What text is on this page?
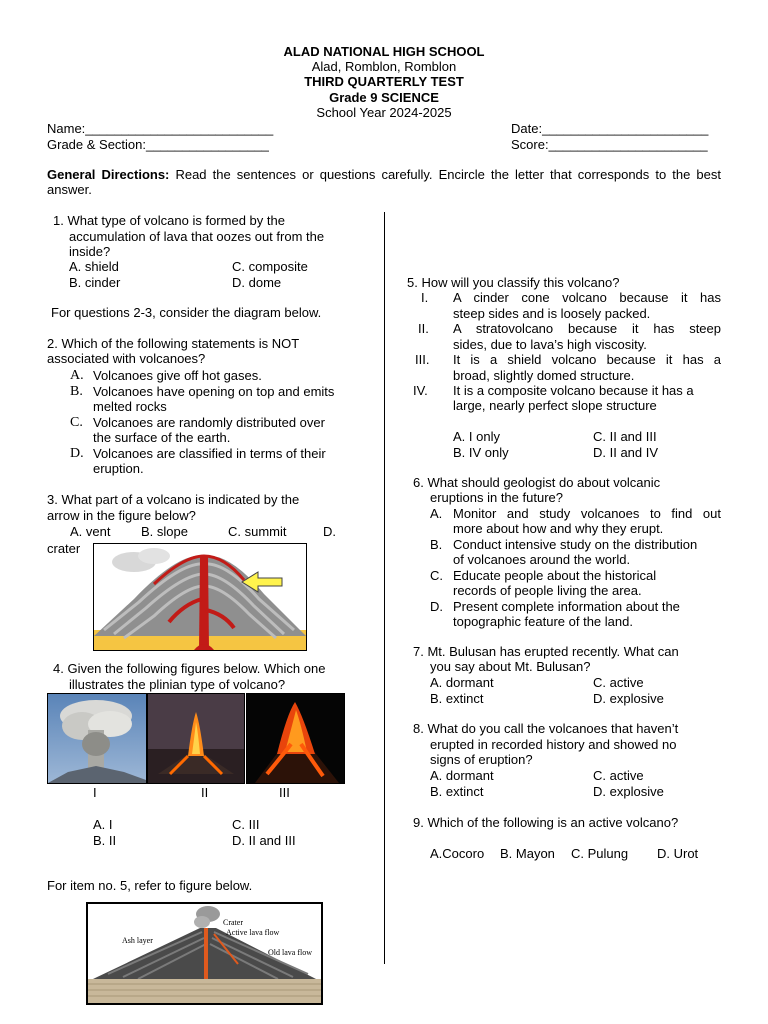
ALAD NATIONAL HIGH SCHOOL
Alad, Romblon, Romblon
THIRD QUARTERLY TEST
Grade 9 SCIENCE
School Year 2024-2025
Name:__________________________
Grade & Section:_________________
Date:_______________________
Score:______________________
General Directions: Read the sentences or questions carefully. Encircle the letter that corresponds to the best answer.
1. What type of volcano is formed by the
accumulation of lava that oozes out from the
inside?
A. shield
B. cinder
C. composite
D. dome
For questions 2-3, consider the diagram below.
2. Which of the following statements is NOT
associated with volcanoes?
A. Volcanoes give off hot gases.
B. Volcanoes have opening on top and emits
melted rocks
C. Volcanoes are randomly distributed over
the surface of the earth.
D. Volcanoes are classified in terms of their
eruption.
3. What part of a volcano is indicated by the
arrow in the figure below?
A. vent B. slope	C. summit	D.
crater
4. Given the following figures below. Which one
illustrates the plinian type of volcano?
I	II	III
A. I
B. II
C. III
D. II and III
For item no. 5, refer to figure below.
Crater
Active lava flow
Ash layer
Old lava flow
5. How will you classify this volcano?
I. A cinder cone volcano because it has
steep sides and is loosely packed.
II. A stratovolcano because it has steep
sides, due to lava’s high viscosity.
III. It is a shield volcano because it has a
broad, slightly domed structure.
IV. It is a composite volcano because it has a
large, nearly perfect slope structure
A. I only
B. IV only
C. II and III
D. II and IV
6. What should geologist do about volcanic
eruptions in the future?
A. Monitor and study volcanoes to find out
more about how and why they erupt.
B. Conduct intensive study on the distribution
of volcanoes around the world.
C. Educate people about the historical
records of people living the area.
D. Present complete information about the
topographic feature of the land.
7. Mt. Bulusan has erupted recently. What can
you say about Mt. Bulusan?
A. dormant
B. extinct
C. active
D. explosive
8. What do you call the volcanoes that haven’t
erupted in recorded history and showed no
signs of eruption?
A. dormant
B. extinct
C. active
D. explosive
9. Which of the following is an active volcano?
A.Cocoro B. Mayon C. Pulung D. Urot
